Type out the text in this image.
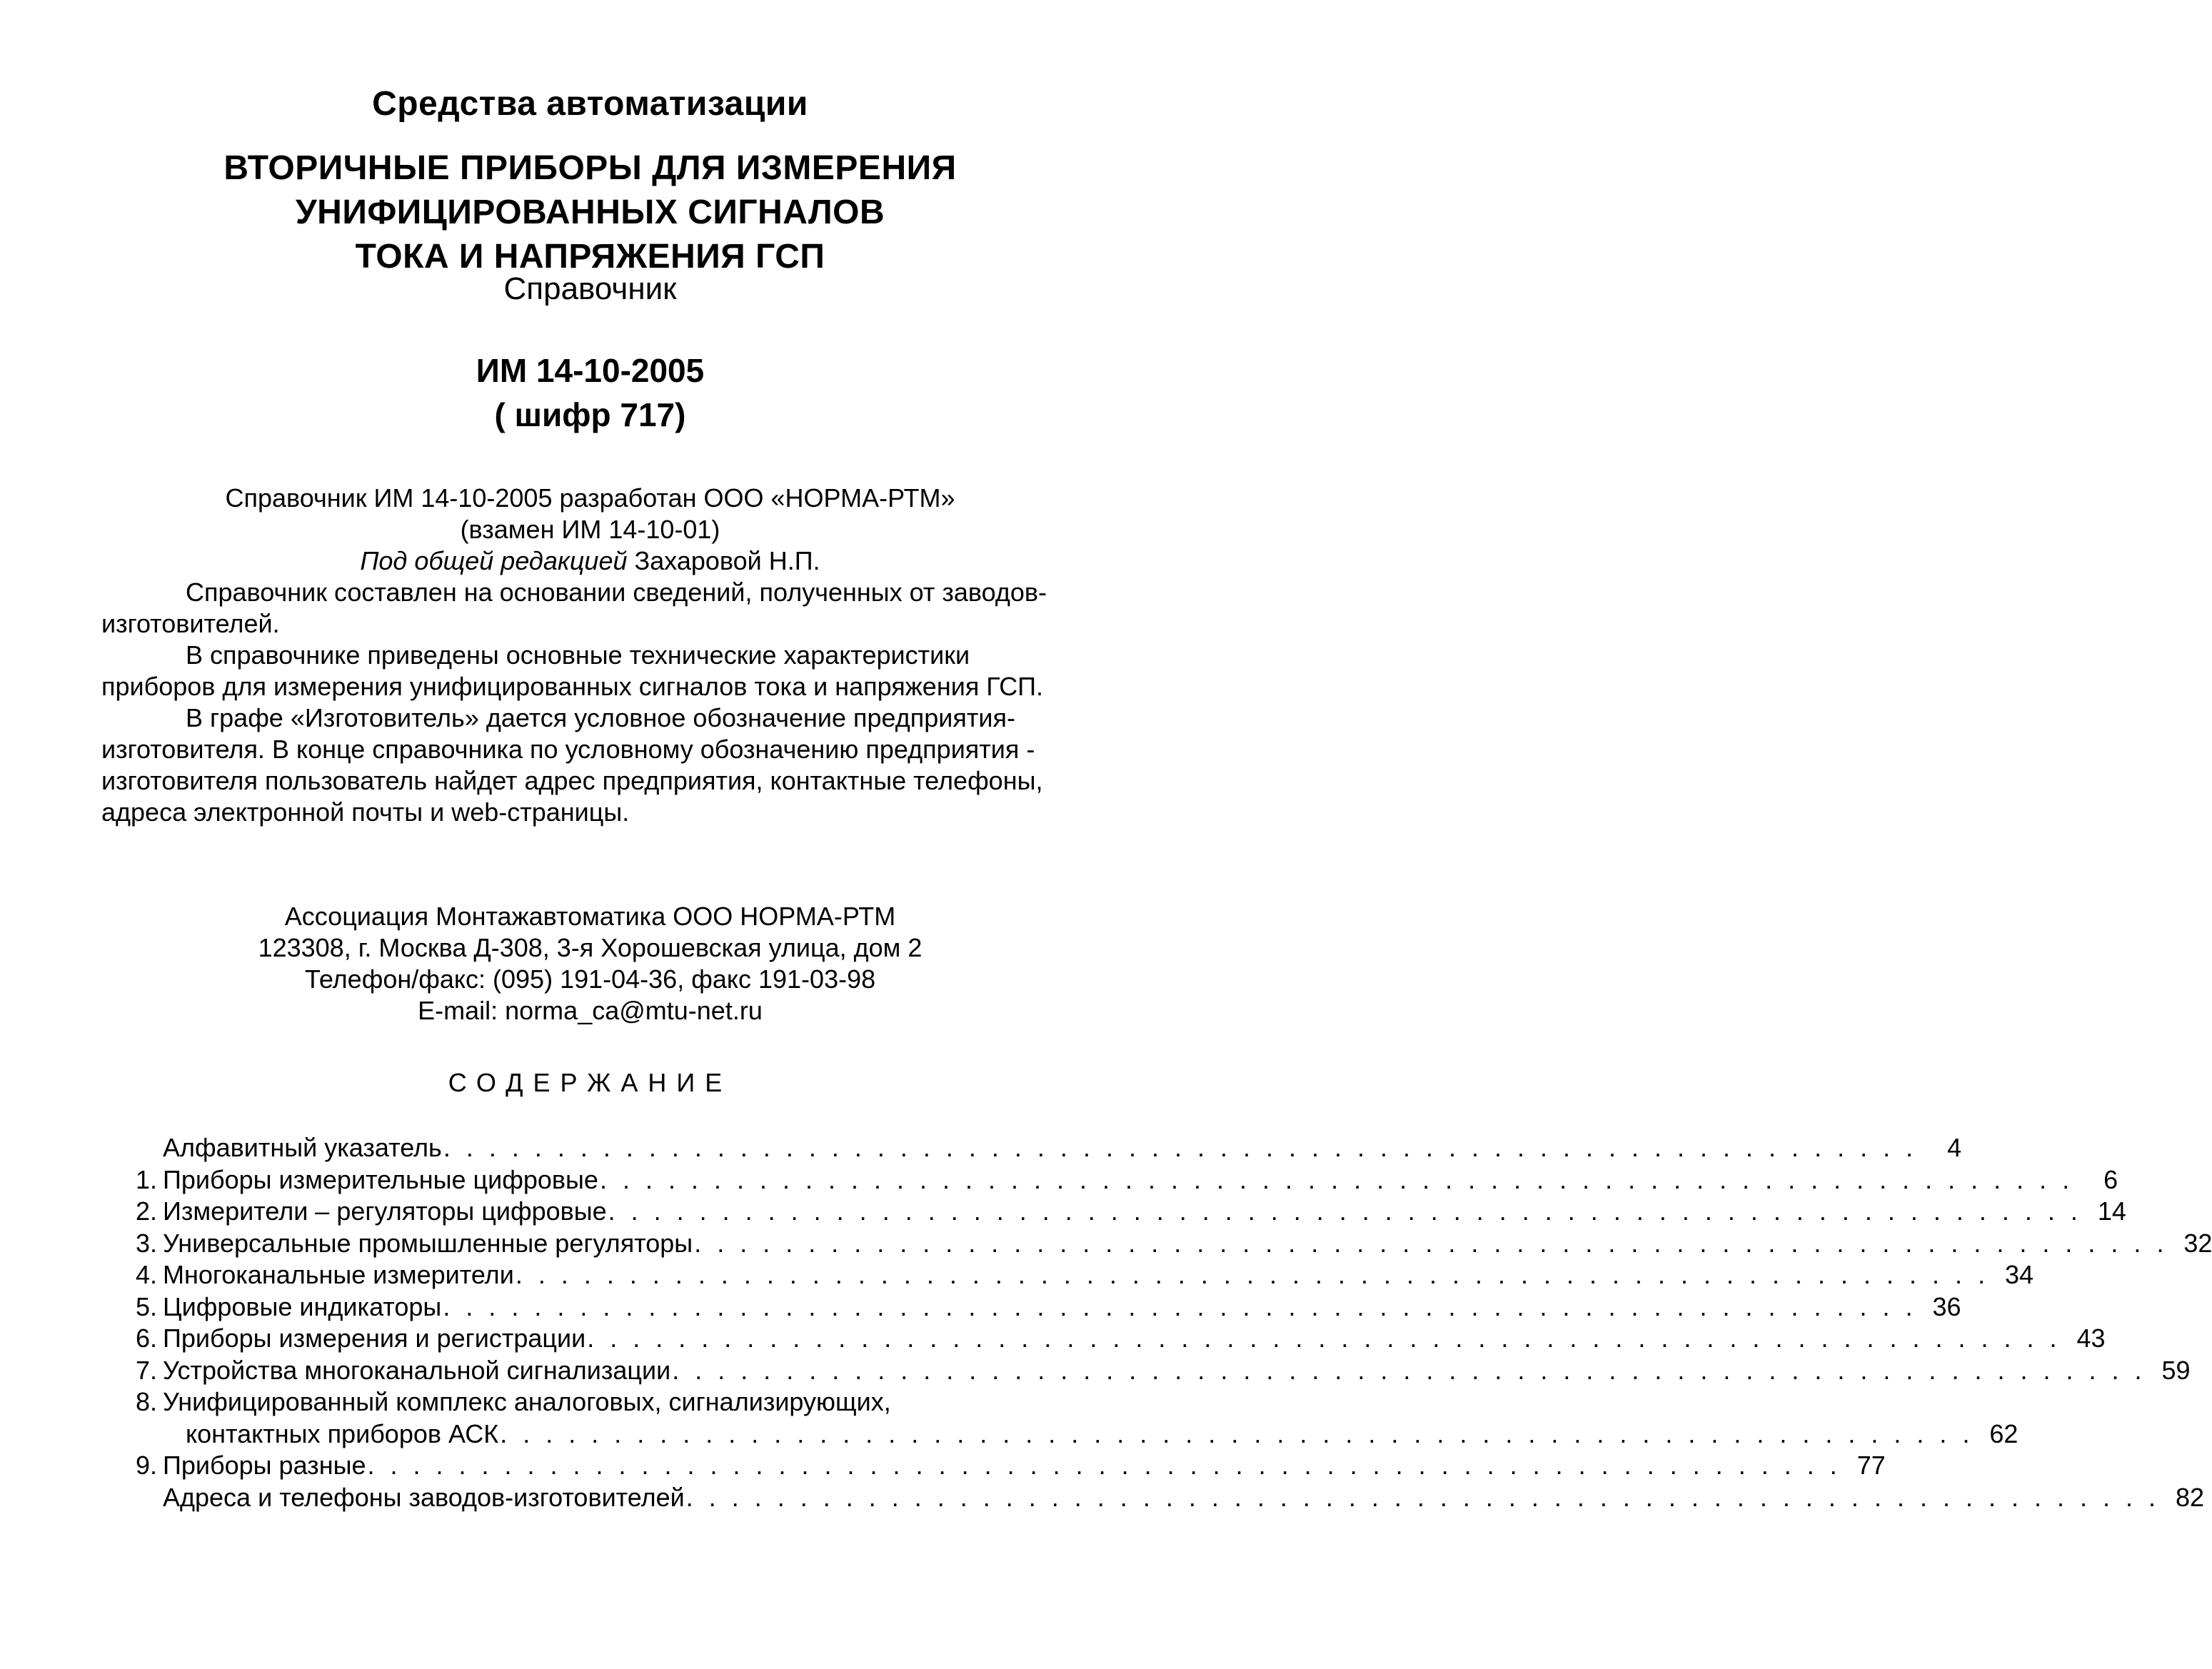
Средства автоматизации
ВТОРИЧНЫЕ ПРИБОРЫ ДЛЯ ИЗМЕРЕНИЯ
УНИФИЦИРОВАННЫХ СИГНАЛОВ
ТОКА И НАПРЯЖЕНИЯ ГСП
Справочник
ИМ 14-10-2005
( шифр 717)
Справочник ИМ 14-10-2005 разработан ООО «НОРМА-РТМ»
(взамен ИМ 14-10-01)
Под общей редакцией Захаровой Н.П.

Справочник составлен на основании сведений, полученных от заводов-изготовителей.

В справочнике приведены основные технические характеристики приборов для измерения унифицированных сигналов тока и напряжения ГСП.

В графе «Изготовитель» дается условное обозначение предприятия-изготовителя. В конце справочника по условному обозначению предприятия - изготовителя пользователь найдет адрес предприятия, контактные телефоны, адреса электронной почты и web-страницы.

Ассоциация Монтажавтоматика ООО НОРМА-РТМ
123308, г. Москва Д-308, 3-я Хорошевская улица, дом 2
Телефон/факс: (095) 191-04-36, факс 191-03-98
E-mail: norma_ca@mtu-net.ru
СОДЕРЖАНИЕ
Алфавитный указатель . . . . . . . . . . . . . . . . . . . . . . . . . . . . . . . . . . . . . . . . . . . . . . . . . . . . . . . . . . . . . . . . .	4
1. Приборы измерительные цифровые . . . . . . . . . . . . . . . . . . . . . . . . . . . . . . . . . . . . . . . . . . . . . . . . . . . . . . . . . . . . . . . . .	6
2. Измерители – регуляторы цифровые . . . . . . . . . . . . . . . . . . . . . . . . . . . . . . . . . . . . . . . . . . . . . . . . . . . . . . . . . . . . . . . . . 14
3. Универсальные промышленные регуляторы . . . . . . . . . . . . . . . . . . . . . . . . . . . . . . . . . . . . . . . . . . . . . . . . . . . . . . . . . . . . . . . . . 32
4. Многоканальные измерители . . . . . . . . . . . . . . . . . . . . . . . . . . . . . . . . . . . . . . . . . . . . . . . . . . . . . . . . . . . . . . . . . 34
5. Цифровые индикаторы . . . . . . . . . . . . . . . . . . . . . . . . . . . . . . . . . . . . . . . . . . . . . . . . . . . . . . . . . . . . . . . . . 36
6. Приборы измерения и регистрации . . . . . . . . . . . . . . . . . . . . . . . . . . . . . . . . . . . . . . . . . . . . . . . . . . . . . . . . . . . . . . . . . 43
7. Устройства многоканальной сигнализации . . . . . . . . . . . . . . . . . . . . . . . . . . . . . . . . . . . . . . . . . . . . . . . . . . . . . . . . . . . . . . . . . 59
8. Унифицированный комплекс аналоговых, сигнализирующих,
контактных приборов АСК . . . . . . . . . . . . . . . . . . . . . . . . . . . . . . . . . . . . . . . . . . . . . . . . . . . . . . . . . . . . . . . . . 62
9. Приборы разные . . . . . . . . . . . . . . . . . . . . . . . . . . . . . . . . . . . . . . . . . . . . . . . . . . . . . . . . . . . . . . . . . 77
Адреса и телефоны заводов-изготовителей . . . . . . . . . . . . . . . . . . . . . . . . . . . . . . . . . . . . . . . . . . . . . . . . . . . . . . . . . . . . . . . . . 82
